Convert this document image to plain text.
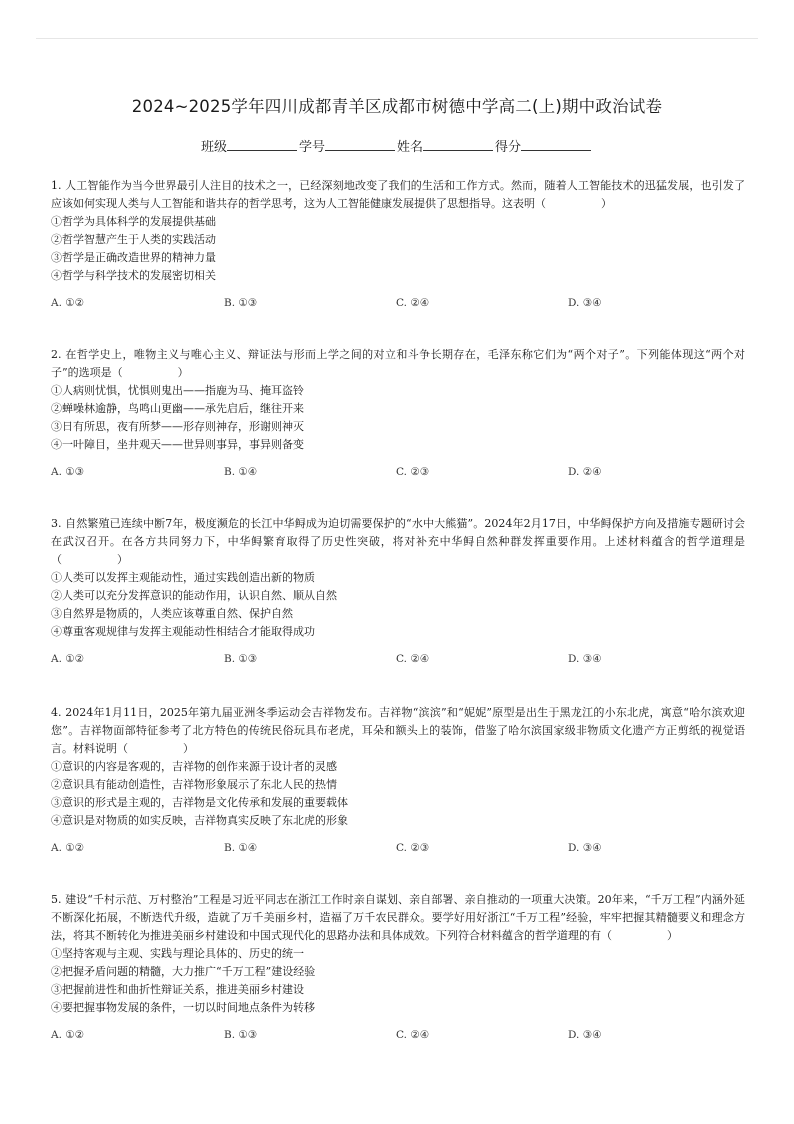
2024~2025学年四川成都青羊区成都市树德中学高二(上)期中政治试卷
班级	学号	姓名	得分

1. 人工智能作为当今世界最引人注目的技术之一，已经深刻地改变了我们的生活和工作方式。然而，随着人工智能技术的迅猛发展，也引发了应该如何实现人类与人工智能和谐共存的哲学思考，这为人工智能健康发展提供了思想指导。这表明（　　　　　）

①哲学为具体科学的发展提供基础

②哲学智慧产生于人类的实践活动

③哲学是正确改造世界的精神力量

④哲学与科学技术的发展密切相关

A. ①②	B. ①③	C. ②④	D. ③④

2. 在哲学史上，唯物主义与唯心主义、辩证法与形而上学之间的对立和斗争长期存在，毛泽东称它们为“两个对子”。下列能体现这“两个对子”的选项是（　　　　　）

①人病则忧惧，忧惧则鬼出——指鹿为马、掩耳盗铃

②蝉噪林逾静，鸟鸣山更幽——承先启后，继往开来

③日有所思，夜有所梦——形存则神存，形谢则神灭

④一叶障目，坐井观天——世异则事异，事异则备变

A. ①③	B. ①④	C. ②③	D. ②④

3. 自然繁殖已连续中断7年，极度濒危的长江中华鲟成为迫切需要保护的“水中大熊猫”。2024年2月17日，中华鲟保护方向及措施专题研讨会在武汉召开。在各方共同努力下，中华鲟繁育取得了历史性突破，将对补充中华鲟自然种群发挥重要作用。上述材料蕴含的哲学道理是（　　　　　）

①人类可以发挥主观能动性，通过实践创造出新的物质

②人类可以充分发挥意识的能动作用，认识自然、顺从自然

③自然界是物质的，人类应该尊重自然、保护自然

④尊重客观规律与发挥主观能动性相结合才能取得成功

A. ①②	B. ①③	C. ②④	D. ③④

4. 2024年1月11日，2025年第九届亚洲冬季运动会吉祥物发布。吉祥物“滨滨”和“妮妮”原型是出生于黑龙江的小东北虎，寓意“哈尔滨欢迎您”。吉祥物面部特征参考了北方特色的传统民俗玩具布老虎，耳朵和额头上的装饰，借鉴了哈尔滨国家级非物质文化遗产方正剪纸的视觉语言。材料说明（　　　　　）

①意识的内容是客观的，吉祥物的创作来源于设计者的灵感

②意识具有能动创造性，吉祥物形象展示了东北人民的热情

③意识的形式是主观的，吉祥物是文化传承和发展的重要载体

④意识是对物质的如实反映，吉祥物真实反映了东北虎的形象

A. ①②	B. ①④	C. ②③	D. ③④

5. 建设“千村示范、万村整治”工程是习近平同志在浙江工作时亲自谋划、亲自部署、亲自推动的一项重大决策。20年来，“千万工程”内涵外延不断深化拓展，不断迭代升级，造就了万千美丽乡村，造福了万千农民群众。要学好用好浙江“千万工程”经验，牢牢把握其精髓要义和理念方法，将其不断转化为推进美丽乡村建设和中国式现代化的思路办法和具体成效。下列符合材料蕴含的哲学道理的有（　　　　　）

①坚持客观与主观、实践与理论具体的、历史的统一

②把握矛盾问题的精髓，大力推广“千万工程”建设经验

③把握前进性和曲折性辩证关系，推进美丽乡村建设

④要把握事物发展的条件，一切以时间地点条件为转移

A. ①②	B. ①③	C. ②④	D. ③④
